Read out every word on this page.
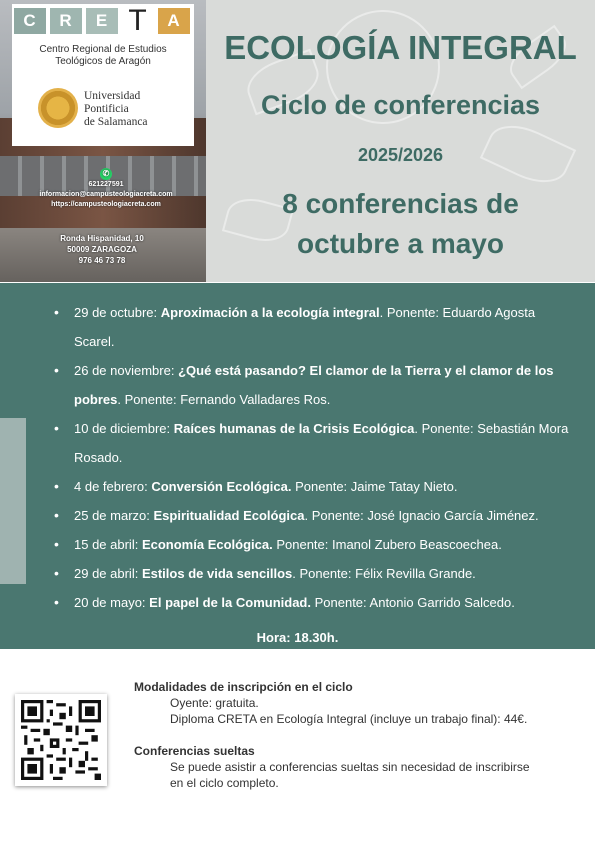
C	R	E T	A
Centro Regional de Estudios
Teológicos de Aragón
Universidad
Pontificia
de Salamanca
✆
621227591
informacion@campusteologiacreta.com
https://campusteologiacreta.com
Ronda Hispanidad, 10
50009 ZARAGOZA
976 46 73 78
ECOLOGÍA INTEGRAL
Ciclo de conferencias
2025/2026
8 conferencias de
octubre a mayo
• 29 de octubre: Aproximación a la ecología integral. Ponente: Eduardo Agosta Scarel.
• 26 de noviembre: ¿Qué está pasando? El clamor de la Tierra y el clamor de los pobres. Ponente: Fernando Valladares Ros.
• 10 de diciembre: Raíces humanas de la Crisis Ecológica. Ponente: Sebastián Mora Rosado.
• 4 de febrero: Conversión Ecológica. Ponente: Jaime Tatay Nieto.
• 25 de marzo: Espiritualidad Ecológica. Ponente: José Ignacio García Jiménez.
• 15 de abril: Economía Ecológica. Ponente: Imanol Zubero Beascoechea.
• 29 de abril: Estilos de vida sencillos. Ponente: Félix Revilla Grande.
• 20 de mayo: El papel de la Comunidad. Ponente: Antonio Garrido Salcedo.
Hora: 18.30h.
Modalidades de inscripción en el ciclo
Oyente: gratuita.
Diploma CRETA en Ecología Integral (incluye un trabajo final): 44€.
Conferencias sueltas
Se puede asistir a conferencias sueltas sin necesidad de inscribirse
en el ciclo completo.
